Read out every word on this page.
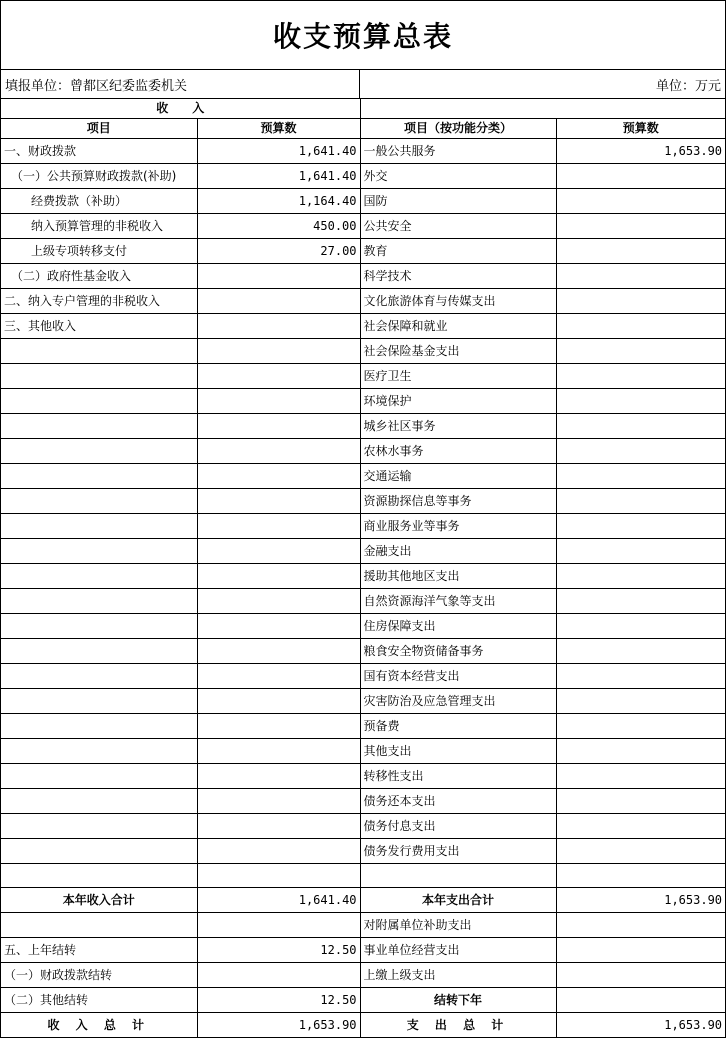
收支预算总表
填报单位：曾都区纪委监委机关	单位：万元
收　　入			
项目	预算数	项目（按功能分类）	预算数
一、财政拨款	1,641.40	一般公共服务	1,653.90
（一）公共预算财政拨款(补助)	1,641.40	外交	
经费拨款（补助）	1,164.40	国防	
纳入预算管理的非税收入	450.00	公共安全	
上级专项转移支付	27.00	教育	
（二）政府性基金收入		科学技术	
二、纳入专户管理的非税收入		文化旅游体育与传媒支出	
三、其他收入		社会保障和就业	
		社会保险基金支出	
		医疗卫生	
		环境保护	
		城乡社区事务	
		农林水事务	
		交通运输	
		资源勘探信息等事务	
		商业服务业等事务	
		金融支出	
		援助其他地区支出	
		自然资源海洋气象等支出	
		住房保障支出	
		粮食安全物资储备事务	
		国有资本经营支出	
		灾害防治及应急管理支出	
		预备费	
		其他支出	
		转移性支出	
		债务还本支出	
		债务付息支出	
		债务发行费用支出	

本年收入合计	1,641.40	本年支出合计	1,653.90
		对附属单位补助支出	
五、上年结转	12.50	事业单位经营支出	
（一）财政拨款结转		上缴上级支出	
（二）其他结转	12.50	结转下年	
收 入 总 计	1,653.90	支 出 总 计	1,653.90
